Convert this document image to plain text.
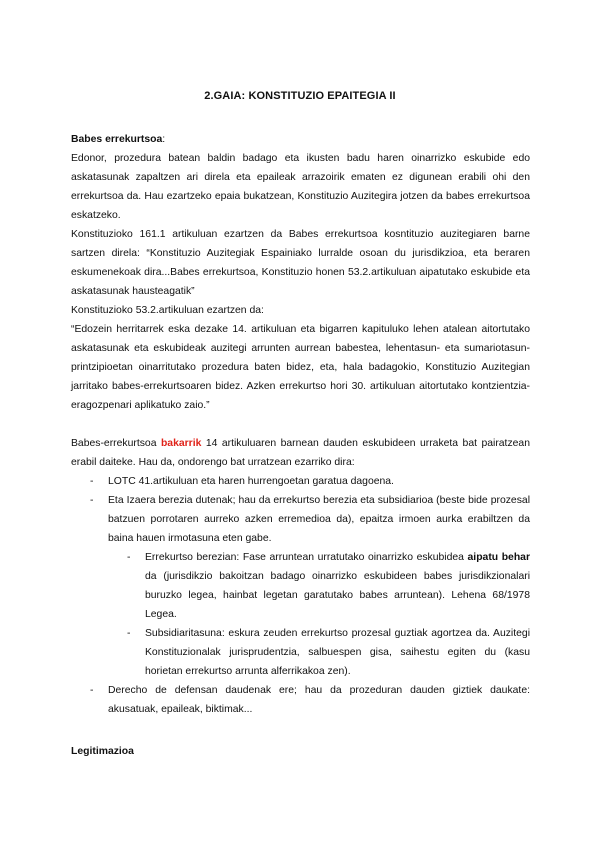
2.GAIA: KONSTITUZIO EPAITEGIA II

Babes errekurtsoa:

Edonor, prozedura batean baldin badago eta ikusten badu haren oinarrizko eskubide edo askatasunak zapaltzen ari direla eta epaileak arrazoirik ematen ez digunean erabili ohi den errekurtsoa da. Hau ezartzeko epaia bukatzean, Konstituzio Auzitegira jotzen da babes errekurtsoa eskatzeko.

Konstituzioko 161.1 artikuluan ezartzen da Babes errekurtsoa kosntituzio auzitegiaren barne sartzen direla: “Konstituzio Auzitegiak Espainiako lurralde osoan du jurisdikzioa, eta beraren eskumenekoak dira...Babes errekurtsoa, Konstituzio honen 53.2.artikuluan aipatutako eskubide eta askatasunak hausteagatik”

Konstituzioko 53.2.artikuluan ezartzen da:

“Edozein herritarrek eska dezake 14. artikuluan eta bigarren kapituluko lehen atalean aitortutako askatasunak eta eskubideak auzitegi arrunten aurrean babestea, lehentasun- eta sumariotasun-printzipioetan oinarritutako prozedura baten bidez, eta, hala badagokio, Konstituzio Auzitegian jarritako babes-errekurtsoaren bidez. Azken errekurtso hori 30. artikuluan aitortutako kontzientzia-eragozpenari aplikatuko zaio.”

Babes-errekurtsoa bakarrik 14 artikuluaren barnean dauden eskubideen urraketa bat pairatzean erabil daiteke. Hau da, ondorengo bat urratzean ezarriko dira:

- LOTC 41.artikuluan eta haren hurrengoetan garatua dagoena.
- Eta Izaera berezia dutenak; hau da errekurtso berezia eta subsidiarioa (beste bide prozesal batzuen porrotaren aurreko azken erremedioa da), epaitza irmoen aurka erabiltzen da baina hauen irmotasuna eten gabe.
- Errekurtso berezian: Fase arruntean urratutako oinarrizko eskubidea aipatu behar da (jurisdikzio bakoitzan badago oinarrizko eskubideen babes jurisdikzionalari buruzko legea, hainbat legetan garatutako babes arruntean). Lehena 68/1978 Legea.
- Subsidiaritasuna: eskura zeuden errekurtso prozesal guztiak agortzea da. Auzitegi Konstituzionalak jurisprudentzia, salbuespen gisa, saihestu egiten du (kasu horietan errekurtso arrunta alferrikakoa zen).
- Derecho de defensan daudenak ere; hau da prozeduran dauden giztiek daukate: akusatuak, epaileak, biktimak...
Legitimazioa
